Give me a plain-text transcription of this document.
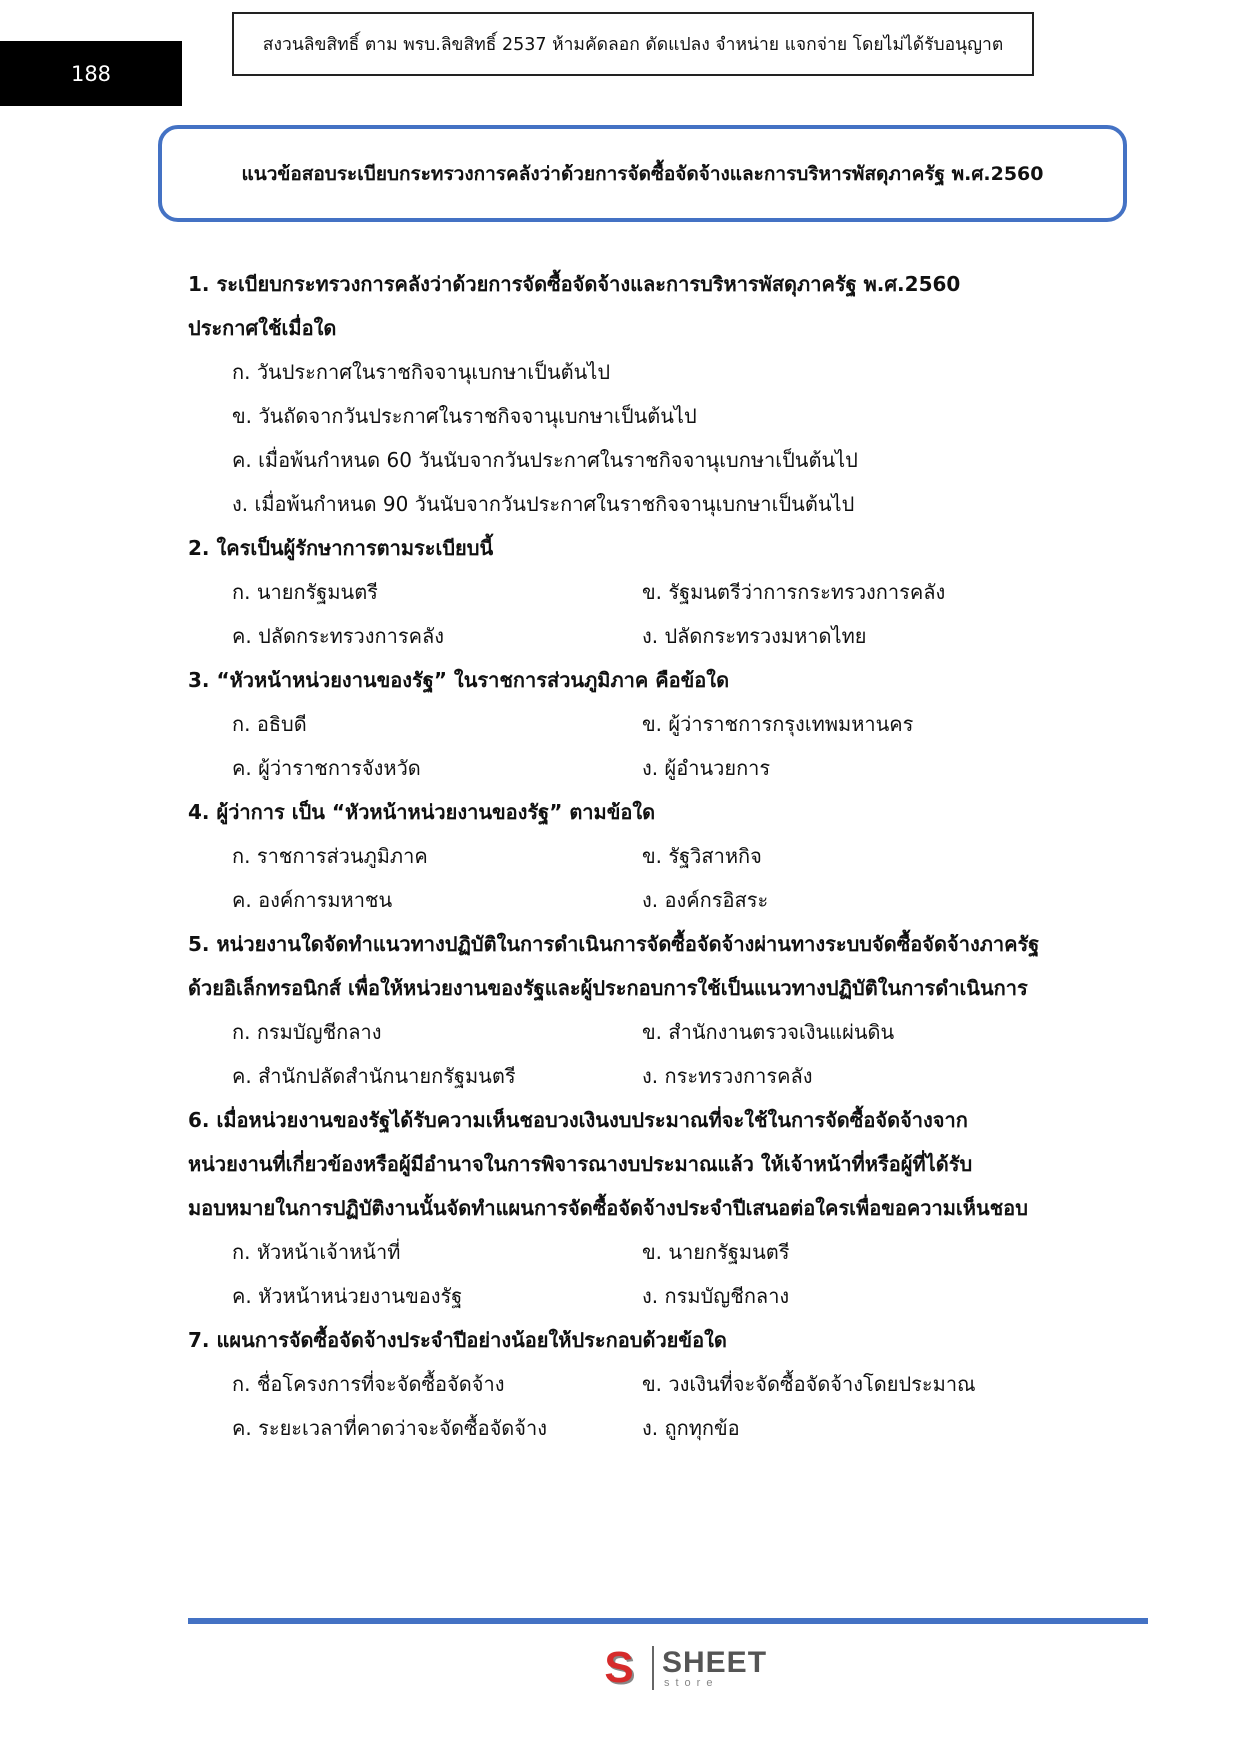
188
สงวนลิขสิทธิ์ ตาม พรบ.ลิขสิทธิ์ 2537 ห้ามคัดลอก ดัดแปลง จำหน่าย แจกจ่าย โดยไม่ได้รับอนุญาต
แนวข้อสอบระเบียบกระทรวงการคลังว่าด้วยการจัดซื้อจัดจ้างและการบริหารพัสดุภาครัฐ พ.ศ.2560
1. ระเบียบกระทรวงการคลังว่าด้วยการจัดซื้อจัดจ้างและการบริหารพัสดุภาครัฐ พ.ศ.2560
ประกาศใช้เมื่อใด
ก. วันประกาศในราชกิจจานุเบกษาเป็นต้นไป
ข. วันถัดจากวันประกาศในราชกิจจานุเบกษาเป็นต้นไป
ค. เมื่อพ้นกำหนด 60 วันนับจากวันประกาศในราชกิจจานุเบกษาเป็นต้นไป
ง. เมื่อพ้นกำหนด 90 วันนับจากวันประกาศในราชกิจจานุเบกษาเป็นต้นไป
2. ใครเป็นผู้รักษาการตามระเบียบนี้
ก. นายกรัฐมนตรี	ข. รัฐมนตรีว่าการกระทรวงการคลัง
ค. ปลัดกระทรวงการคลัง	ง. ปลัดกระทรวงมหาดไทย
3. “หัวหน้าหน่วยงานของรัฐ” ในราชการส่วนภูมิภาค คือข้อใด
ก. อธิบดี	ข. ผู้ว่าราชการกรุงเทพมหานคร
ค. ผู้ว่าราชการจังหวัด	ง. ผู้อำนวยการ
4. ผู้ว่าการ เป็น “หัวหน้าหน่วยงานของรัฐ” ตามข้อใด
ก. ราชการส่วนภูมิภาค	ข. รัฐวิสาหกิจ
ค. องค์การมหาชน	ง. องค์กรอิสระ
5. หน่วยงานใดจัดทำแนวทางปฏิบัติในการดำเนินการจัดซื้อจัดจ้างผ่านทางระบบจัดซื้อจัดจ้างภาครัฐ
ด้วยอิเล็กทรอนิกส์ เพื่อให้หน่วยงานของรัฐและผู้ประกอบการใช้เป็นแนวทางปฏิบัติในการดำเนินการ
ก. กรมบัญชีกลาง	ข. สำนักงานตรวจเงินแผ่นดิน
ค. สำนักปลัดสำนักนายกรัฐมนตรี	ง. กระทรวงการคลัง
6. เมื่อหน่วยงานของรัฐได้รับความเห็นชอบวงเงินงบประมาณที่จะใช้ในการจัดซื้อจัดจ้างจาก
หน่วยงานที่เกี่ยวข้องหรือผู้มีอำนาจในการพิจารณางบประมาณแล้ว ให้เจ้าหน้าที่หรือผู้ที่ได้รับ
มอบหมายในการปฏิบัติงานนั้นจัดทำแผนการจัดซื้อจัดจ้างประจำปีเสนอต่อใครเพื่อขอความเห็นชอบ
ก. หัวหน้าเจ้าหน้าที่	ข. นายกรัฐมนตรี
ค. หัวหน้าหน่วยงานของรัฐ	ง. กรมบัญชีกลาง
7. แผนการจัดซื้อจัดจ้างประจำปีอย่างน้อยให้ประกอบด้วยข้อใด
ก. ชื่อโครงการที่จะจัดซื้อจัดจ้าง	ข. วงเงินที่จะจัดซื้อจัดจ้างโดยประมาณ
ค. ระยะเวลาที่คาดว่าจะจัดซื้อจัดจ้าง	ง. ถูกทุกข้อ
S SHEET
store
